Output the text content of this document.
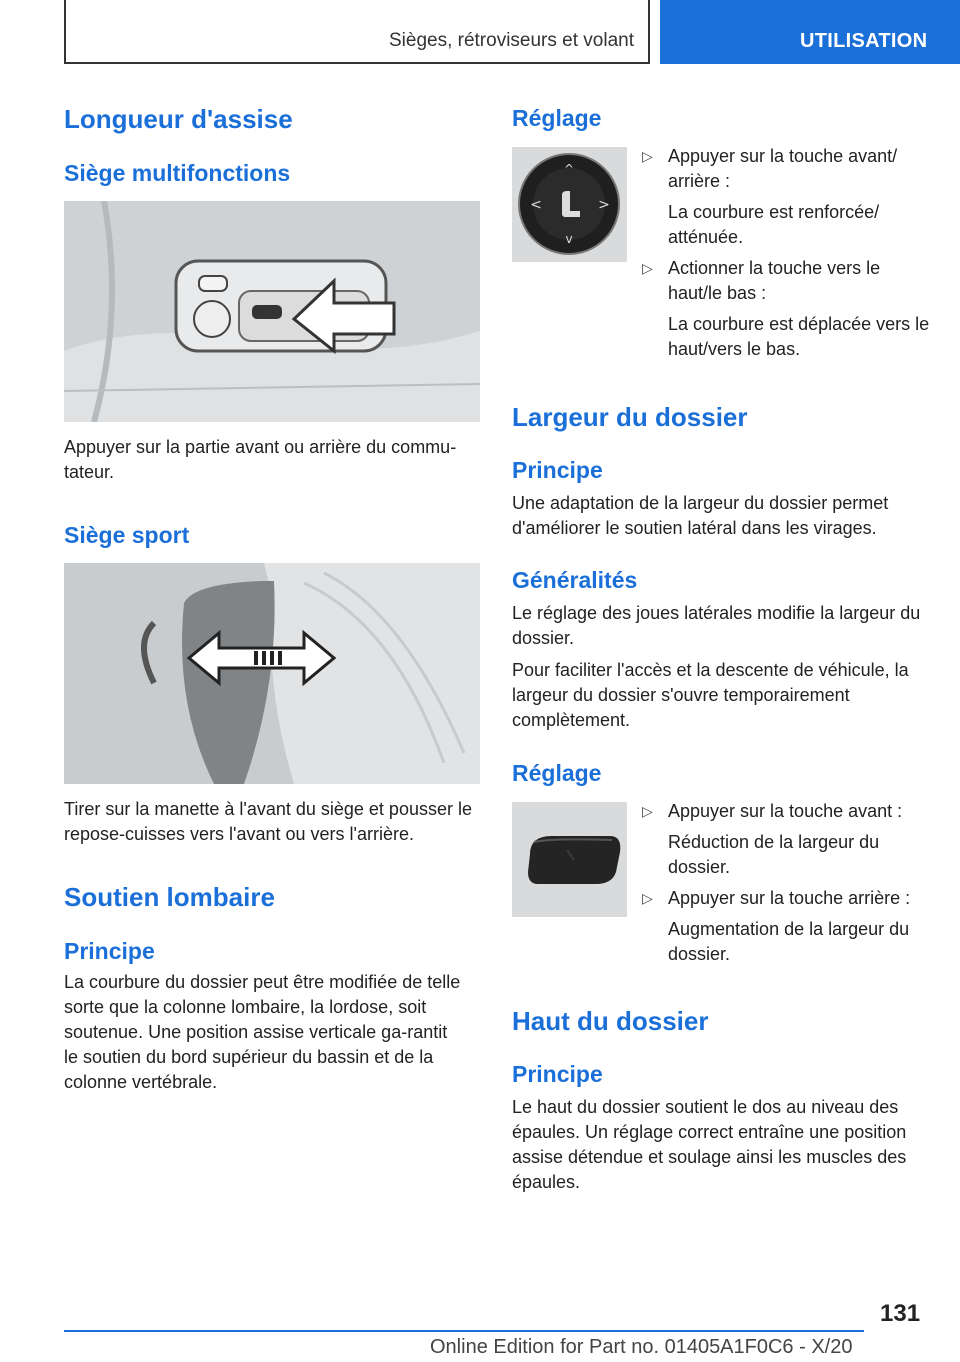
Sièges, rétroviseurs et volant	UTILISATION
Longueur d'assise
Siège multifonctions
Appuyer sur la partie avant ou arrière du commu-tateur.
Siège sport
Tirer sur la manette à l'avant du siège et pousser le repose-cuisses vers l'avant ou vers l'arrière.
Soutien lombaire
Principe
La courbure du dossier peut être modifiée de telle sorte que la colonne lombaire, la lordose, soit soutenue. Une position assise verticale ga-rantit le soutien du bord supérieur du bassin et de la colonne vertébrale.
Réglage
^
v
<	>
▷ Appuyer sur la touche avant/ arrière :
La courbure est renforcée/ atténuée.
▷ Actionner la touche vers le haut/le bas :
La courbure est déplacée vers le haut/vers le bas.
Largeur du dossier
Principe
Une adaptation de la largeur du dossier permet d'améliorer le soutien latéral dans les virages.
Généralités
Le réglage des joues latérales modifie la largeur du dossier.
Pour faciliter l'accès et la descente de véhicule, la largeur du dossier s'ouvre temporairement complètement.
Réglage
▷ Appuyer sur la touche avant :
Réduction de la largeur du dossier.
▷ Appuyer sur la touche arrière :
Augmentation de la largeur du dossier.
Haut du dossier
Principe
Le haut du dossier soutient le dos au niveau des épaules. Un réglage correct entraîne une position assise détendue et soulage ainsi les muscles des épaules.
131
Online Edition for Part no. 01405A1F0C6 - X/20
